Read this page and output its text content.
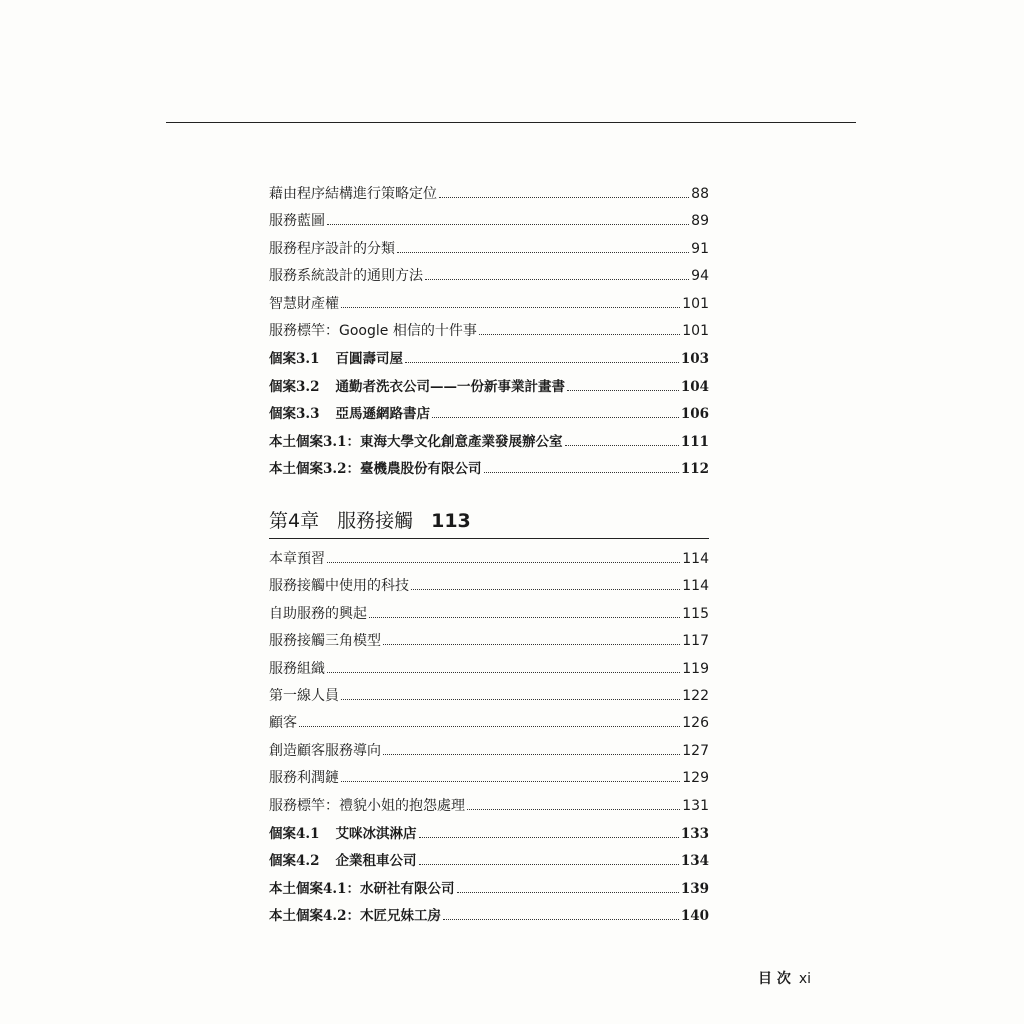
藉由程序結構進行策略定位	88
服務藍圖	89
服務程序設計的分類	91
服務系統設計的通則方法	94
智慧財產權	101
服務標竿：Google 相信的十件事	101
個案3.1 百圓壽司屋	103
個案3.2 通勤者洗衣公司——一份新事業計畫書	104
個案3.3 亞馬遜網路書店	106
本土個案3.1：東海大學文化創意產業發展辦公室	111
本土個案3.2：臺機農股份有限公司	112
第4章 服務接觸 113
本章預習	114
服務接觸中使用的科技	114
自助服務的興起	115
服務接觸三角模型	117
服務組織	119
第一線人員	122
顧客	126
創造顧客服務導向	127
服務利潤鏈	129
服務標竿：禮貌小姐的抱怨處理	131
個案4.1 艾咪冰淇淋店	133
個案4.2 企業租車公司	134
本土個案4.1：水研社有限公司	139
本土個案4.2：木匠兄妹工房	140
目 次 xi
